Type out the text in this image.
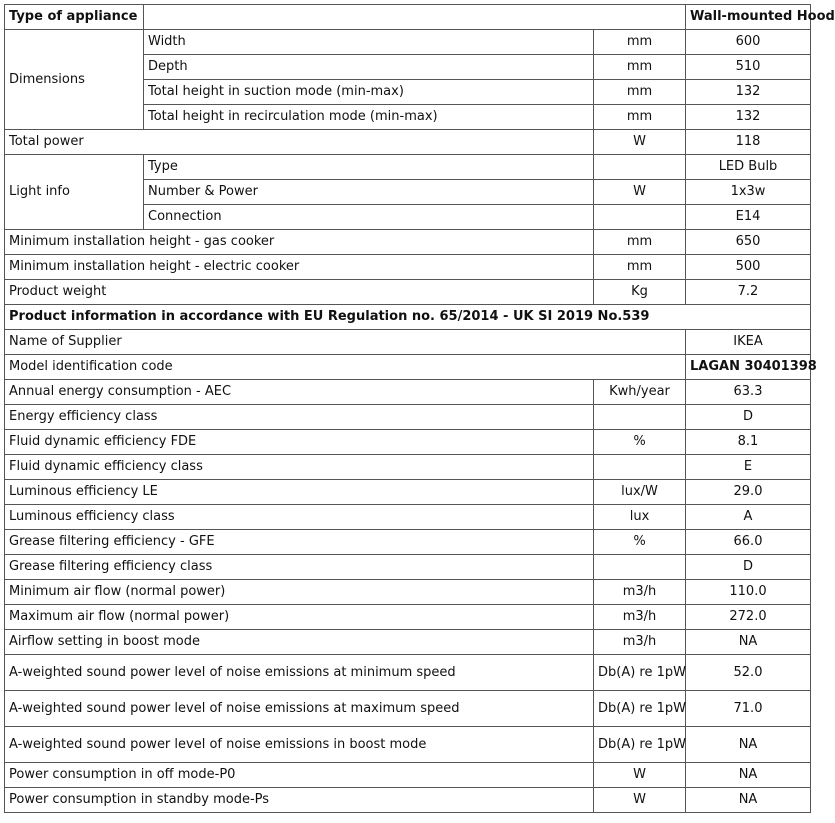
Type of appliance			Wall-mounted Hood
Dimensions	Width	mm	600
	Depth	mm	510
	Total height in suction mode (min-max)	mm	132
	Total height in recirculation mode (min-max)	mm	132
Total power		W	118
Light info	Type		LED Bulb
	Number & Power	W	1x3w
	Connection		E14
Minimum installation height - gas cooker		mm	650
Minimum installation height - electric cooker		mm	500
Product weight		Kg	7.2
Product information in accordance with EU Regulation no. 65/2014 - UK SI 2019 No.539			
Name of Supplier			IKEA
Model identification code			LAGAN 30401398
Annual energy consumption - AEC		Kwh/year	63.3
Energy efficiency class			D
Fluid dynamic efficiency FDE		%	8.1
Fluid dynamic efficiency class			E
Luminous efficiency LE		lux/W	29.0
Luminous efficiency class		lux	A
Grease filtering efficiency - GFE		%	66.0
Grease filtering efficiency class			D
Minimum air flow (normal power)		m3/h	110.0
Maximum air flow (normal power)		m3/h	272.0
Airflow setting in boost mode		m3/h	NA
A-weighted sound power level of noise emissions at minimum speed		Db(A) re 1pW	52.0
A-weighted sound power level of noise emissions at maximum speed		Db(A) re 1pW	71.0
A-weighted sound power level of noise emissions in boost mode		Db(A) re 1pW	NA
Power consumption in off mode-P0		W	NA
Power consumption in standby mode-Ps		W	NA
